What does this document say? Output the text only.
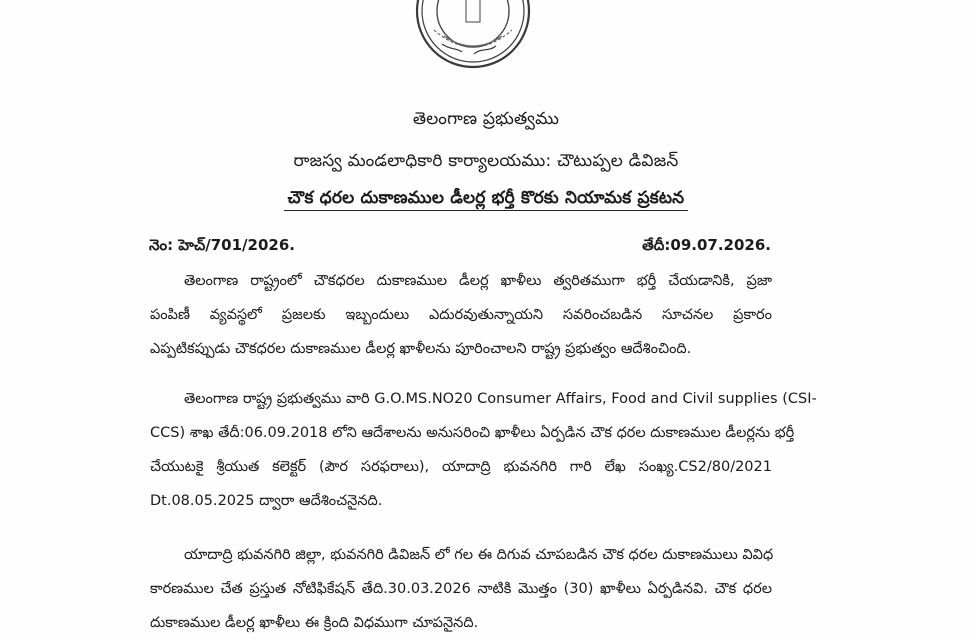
తెలంగాణ ప్రభుత్వము
రాజస్వ మండలాధికారి కార్యాలయము: చౌటుప్పల డివిజన్
చౌక ధరల దుకాణముల డీలర్ల భర్తీ కొరకు నియామక ప్రకటన
నెం: హెచ్/701/2026.	తేదీ:09.07.2026.
తెలంగాణ రాష్ట్రంలో చౌకధరల దుకాణముల డీలర్ల ఖాళీలు త్వరితముగా భర్తీ చేయడానికి, ప్రజా
పంపిణీ వ్యవస్థలో ప్రజలకు ఇబ్బందులు ఎదురవుతున్నాయని సవరించబడిన సూచనల ప్రకారం
ఎప్పటికప్పుడు చౌకధరల దుకాణముల డీలర్ల ఖాళీలను పూరించాలని రాష్ట్ర ప్రభుత్వం ఆదేశించింది.
తెలంగాణ రాష్ట్ర ప్రభుత్వము వారి G.O.MS.NO20 Consumer Affairs, Food and Civil supplies (CSI-
CCS) శాఖ తేదీ:06.09.2018 లోని ఆదేశాలను అనుసరించి ఖాళీలు ఏర్పడిన చౌక ధరల దుకాణముల డీలర్లను భర్తీ
చేయుటకై శ్రీయుత కలెక్టర్ (పౌర సరఫరాలు), యాదాద్రి భువనగిరి గారి లేఖ సంఖ్య.CS2/80/2021
Dt.08.05.2025 ద్వారా ఆదేశించనైనది.
యాదాద్రి భువనగిరి జిల్లా, భువనగిరి డివిజన్ లో గల ఈ దిగువ చూపబడిన చౌక ధరల దుకాణములు వివిధ
కారణముల చేత ప్రస్తుత నోటిఫికేషన్ తేది.30.03.2026 నాటికి మొత్తం (30) ఖాళీలు ఏర్పడినవి. చౌక ధరల
దుకాణముల డీలర్ల ఖాళీలు ఈ క్రింది విధముగా చూపనైనది.
